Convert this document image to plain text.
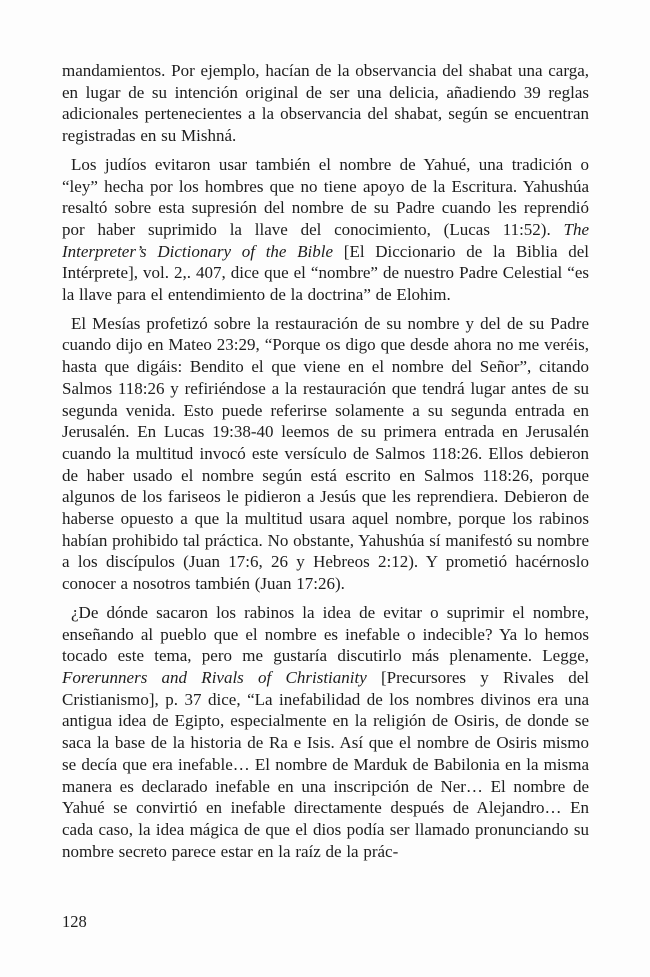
mandamientos. Por ejemplo, hacían de la observancia del shabat una carga, en lugar de su intención original de ser una delicia, añadiendo 39 reglas adicionales pertenecientes a la observancia del shabat, según se encuentran registradas en su Mishná.

Los judíos evitaron usar también el nombre de Yahué, una tradición o “ley” hecha por los hombres que no tiene apoyo de la Escritura. Yahushúa resaltó sobre esta supresión del nombre de su Padre cuando les reprendió por haber suprimido la llave del conocimiento, (Lucas 11:52). The Interpreter’s Dictionary of the Bible [El Diccionario de la Biblia del Intérprete], vol. 2,. 407, dice que el “nombre” de nuestro Padre Celestial “es la llave para el entendimiento de la doctrina” de Elohim.

El Mesías profetizó sobre la restauración de su nombre y del de su Padre cuando dijo en Mateo 23:29, “Porque os digo que desde ahora no me veréis, hasta que digáis: Bendito el que viene en el nombre del Señor”, citando Salmos 118:26 y refiriéndose a la restauración que tendrá lugar antes de su segunda venida. Esto puede referirse solamente a su segunda entrada en Jerusalén. En Lucas 19:38-40 leemos de su primera entrada en Jerusalén cuando la multitud invocó este versículo de Salmos 118:26. Ellos debieron de haber usado el nombre según está escrito en Salmos 118:26, porque algunos de los fariseos le pidieron a Jesús que les reprendiera. Debieron de haberse opuesto a que la multitud usara aquel nombre, porque los rabinos habían prohibido tal práctica. No obstante, Yahushúa sí manifestó su nombre a los discípulos (Juan 17:6, 26 y Hebreos 2:12). Y prometió hacérnoslo conocer a nosotros también (Juan 17:26).

¿De dónde sacaron los rabinos la idea de evitar o suprimir el nombre, enseñando al pueblo que el nombre es inefable o indecible? Ya lo hemos tocado este tema, pero me gustaría discutirlo más plenamente. Legge, Forerunners and Rivals of Christianity [Precursores y Rivales del Cristianismo], p. 37 dice, “La inefabilidad de los nombres divinos era una antigua idea de Egipto, especialmente en la religión de Osiris, de donde se saca la base de la historia de Ra e Isis. Así que el nombre de Osiris mismo se decía que era inefable… El nombre de Marduk de Babilonia en la misma manera es declarado inefable en una inscripción de Ner… El nombre de Yahué se convirtió en inefable directamente después de Alejandro… En cada caso, la idea mágica de que el dios podía ser llamado pronunciando su nombre secreto parece estar en la raíz de la prác-

128
